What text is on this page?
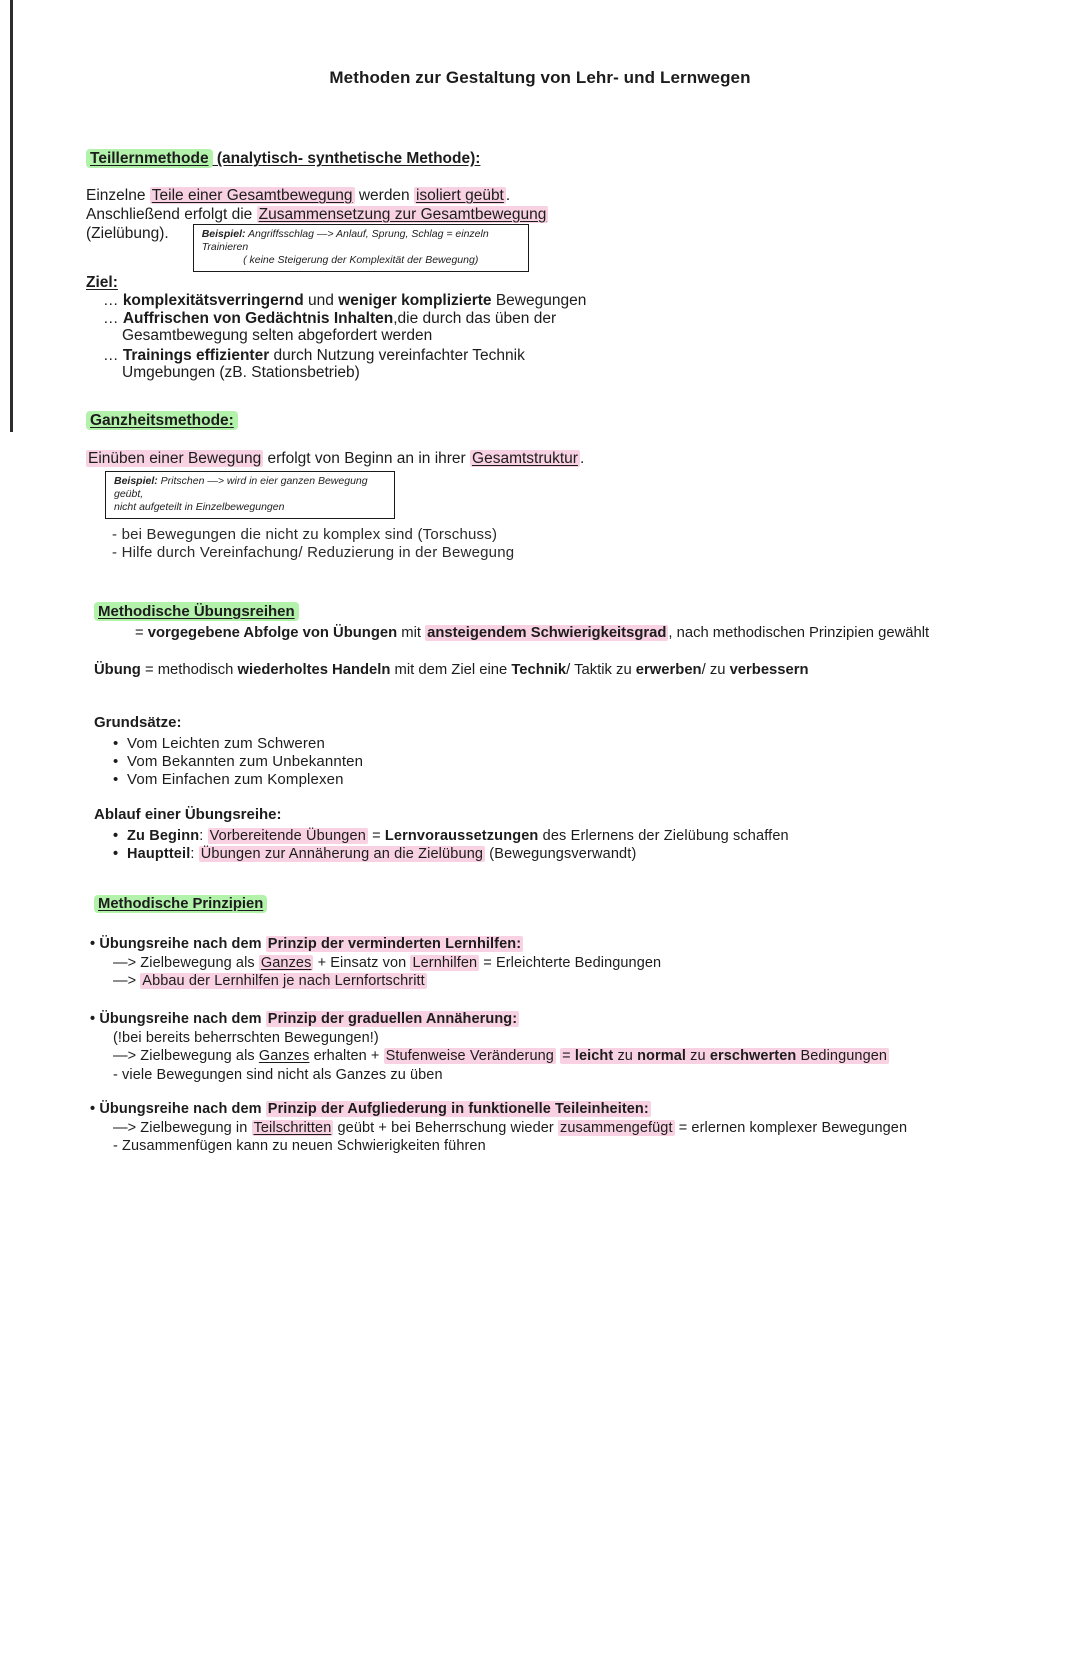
Methoden zur Gestaltung von Lehr- und Lernwegen
Teillernmethode (analytisch- synthetische Methode):
Einzelne Teile einer Gesamtbewegung werden isoliert geübt .
Anschließend erfolgt die Zusammensetzung zur Gesamtbewegung
(Zielübung).	Beispiel: Angriffsschlag —> Anlauf, Sprung, Schlag = einzeln Trainieren
( keine Steigerung der Komplexität der Bewegung)
Ziel:
… komplexitätsverringernd und weniger komplizierte Bewegungen
… Auffrischen von Gedächtnis Inhalten,die durch das üben der
Gesamtbewegung selten abgefordert werden
… Trainings effizienter durch Nutzung vereinfachter Technik
Umgebungen (zB. Stationsbetrieb)
Ganzheitsmethode:
Einüben einer Bewegung erfolgt von Beginn an in ihrer Gesamtstruktur .
Beispiel: Pritschen —> wird in eier ganzen Bewegung geübt,
nicht aufgeteilt in Einzelbewegungen
- bei Bewegungen die nicht zu komplex sind (Torschuss)
- Hilfe durch Vereinfachung/ Reduzierung in der Bewegung
Methodische Übungsreihen
= vorgegebene Abfolge von Übungen mit ansteigendem Schwierigkeitsgrad , nach methodischen Prinzipien gewählt
Übung = methodisch wiederholtes Handeln mit dem Ziel eine Technik/ Taktik zu erwerben/ zu verbessern
Grundsätze:
• Vom Leichten zum Schweren
• Vom Bekannten zum Unbekannten
• Vom Einfachen zum Komplexen
Ablauf einer Übungsreihe:
• Zu Beginn: Vorbereitende Übungen = Lernvoraussetzungen des Erlernens der Zielübung schaffen
• Hauptteil: Übungen zur Annäherung an die Zielübung (Bewegungsverwandt)
Methodische Prinzipien
• Übungsreihe nach dem Prinzip der verminderten Lernhilfen:
—> Zielbewegung als Ganzes + Einsatz von Lernhilfen = Erleichterte Bedingungen
—> Abbau der Lernhilfen je nach Lernfortschritt
• Übungsreihe nach dem Prinzip der graduellen Annäherung:
(!bei bereits beherrschten Bewegungen!)
—> Zielbewegung als Ganzes erhalten + Stufenweise Veränderung = leicht zu normal zu erschwerten Bedingungen
- viele Bewegungen sind nicht als Ganzes zu üben
• Übungsreihe nach dem Prinzip der Aufgliederung in funktionelle Teileinheiten:
—> Zielbewegung in Teilschritten geübt + bei Beherrschung wieder zusammengefügt = erlernen komplexer Bewegungen
- Zusammenfügen kann zu neuen Schwierigkeiten führen
